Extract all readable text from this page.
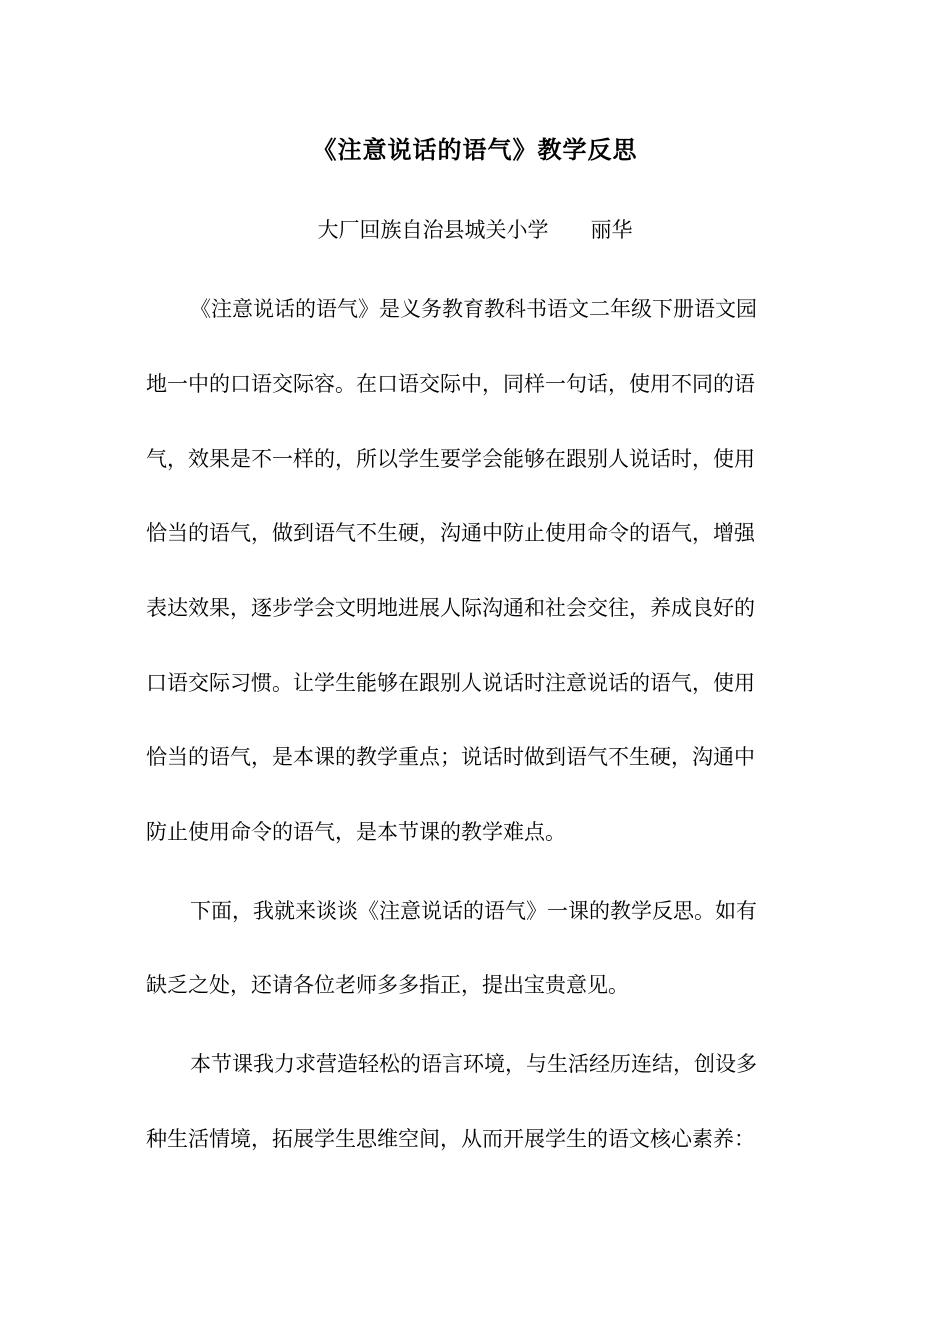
《注意说话的语气》教学反思
大厂回族自治县城关小学 丽华
《注意说话的语气》是义务教育教科书语文二年级下册语文园
地一中的口语交际容。在口语交际中，同样一句话，使用不同的语
气，效果是不一样的，所以学生要学会能够在跟别人说话时，使用
恰当的语气，做到语气不生硬，沟通中防止使用命令的语气，增强
表达效果，逐步学会文明地进展人际沟通和社会交往，养成良好的
口语交际习惯。让学生能够在跟别人说话时注意说话的语气，使用
恰当的语气，是本课的教学重点；说话时做到语气不生硬，沟通中
防止使用命令的语气，是本节课的教学难点。
下面，我就来谈谈《注意说话的语气》一课的教学反思。如有
缺乏之处，还请各位老师多多指正，提出宝贵意见。
本节课我力求营造轻松的语言环境，与生活经历连结，创设多
种生活情境，拓展学生思维空间，从而开展学生的语文核心素养：
